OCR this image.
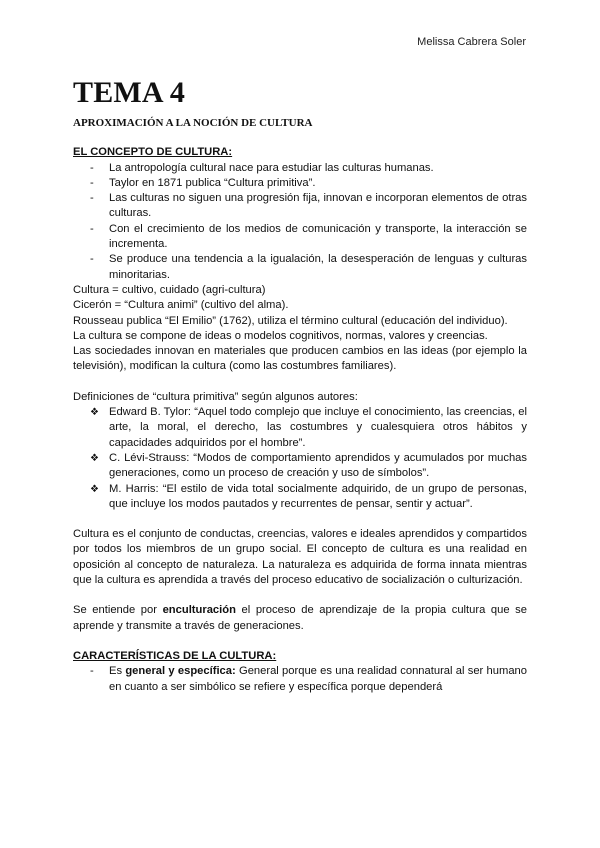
Melissa Cabrera Soler
TEMA 4
APROXIMACIÓN A LA NOCIÓN DE CULTURA
EL CONCEPTO DE CULTURA:
- La antropología cultural nace para estudiar las culturas humanas.
- Taylor en 1871 publica “Cultura primitiva”.
- Las culturas no siguen una progresión fija, innovan e incorporan elementos de otras culturas.
- Con el crecimiento de los medios de comunicación y transporte, la interacción se incrementa.
- Se produce una tendencia a la igualación, la desesperación de lenguas y culturas minoritarias.

Cultura = cultivo, cuidado (agri-cultura)

Cicerón = “Cultura animi” (cultivo del alma).

Rousseau publica “El Emilio” (1762), utiliza el término cultural (educación del individuo).

La cultura se compone de ideas o modelos cognitivos, normas, valores y creencias.

Las sociedades innovan en materiales que producen cambios en las ideas (por ejemplo la televisión), modifican la cultura (como las costumbres familiares).

Definiciones de “cultura primitiva” según algunos autores:

❖ Edward B. Tylor: “Aquel todo complejo que incluye el conocimiento, las creencias, el arte, la moral, el derecho, las costumbres y cualesquiera otros hábitos y capacidades adquiridos por el hombre”.
❖ C. Lévi-Strauss: “Modos de comportamiento aprendidos y acumulados por muchas generaciones, como un proceso de creación y uso de símbolos”.
❖ M. Harris: “El estilo de vida total socialmente adquirido, de un grupo de personas, que incluye los modos pautados y recurrentes de pensar, sentir y actuar”.

Cultura es el conjunto de conductas, creencias, valores e ideales aprendidos y compartidos por todos los miembros de un grupo social. El concepto de cultura es una realidad en oposición al concepto de naturaleza. La naturaleza es adquirida de forma innata mientras que la cultura es aprendida a través del proceso educativo de socialización o culturización.

Se entiende por enculturación el proceso de aprendizaje de la propia cultura que se aprende y transmite a través de generaciones.

CARACTERÍSTICAS DE LA CULTURA:
- Es general y específica: General porque es una realidad connatural al ser humano en cuanto a ser simbólico se refiere y específica porque dependerá
